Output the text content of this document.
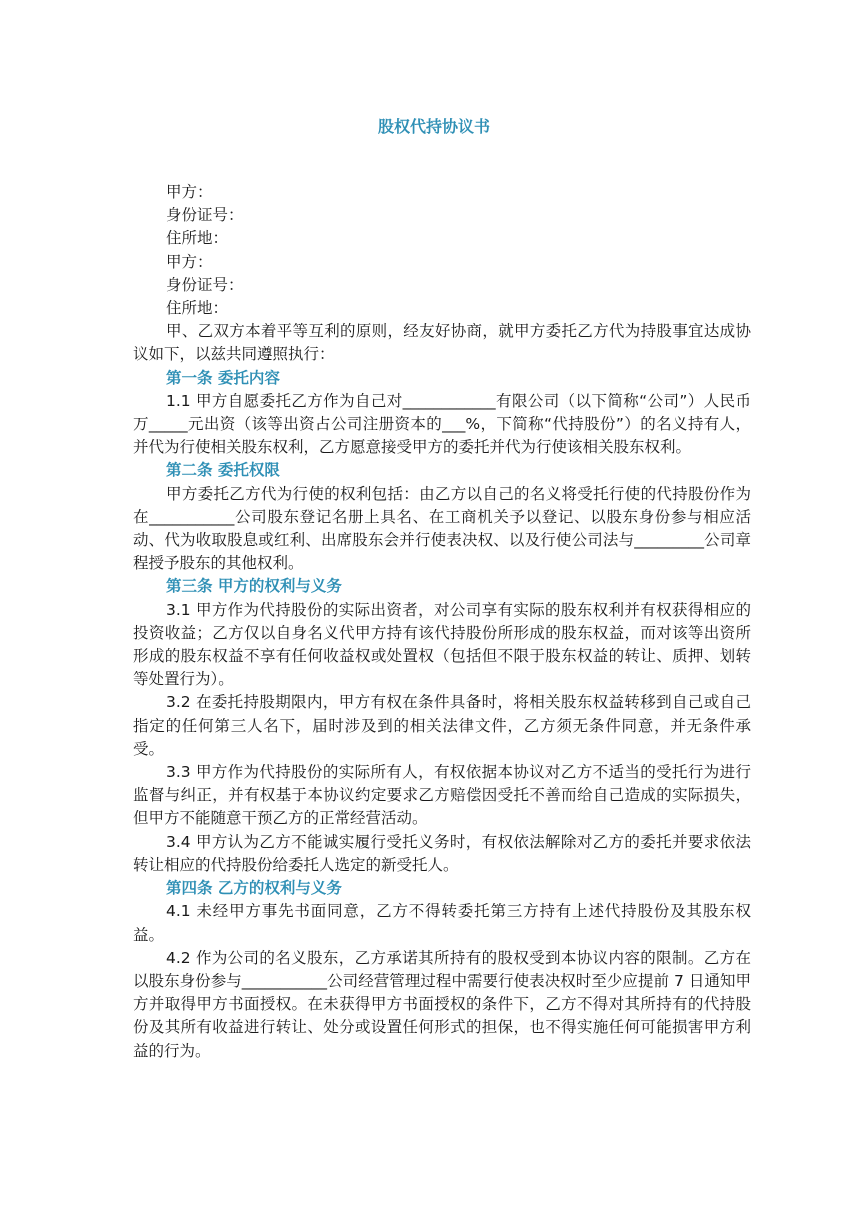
股权代持协议书

甲方：

身份证号：

住所地：

甲方：

身份证号：

住所地：

甲、乙双方本着平等互利的原则，经友好协商，就甲方委托乙方代为持股事宜达成协议如下，以兹共同遵照执行：

第一条 委托内容

1.1 甲方自愿委托乙方作为自己对____________有限公司（以下简称“公司”）人民币万_____元出资（该等出资占公司注册资本的___%，下简称“代持股份”）的名义持有人，并代为行使相关股东权利，乙方愿意接受甲方的委托并代为行使该相关股东权利。

第二条 委托权限

甲方委托乙方代为行使的权利包括：由乙方以自己的名义将受托行使的代持股份作为在___________公司股东登记名册上具名、在工商机关予以登记、以股东身份参与相应活动、代为收取股息或红利、出席股东会并行使表决权、以及行使公司法与_________公司章程授予股东的其他权利。

第三条 甲方的权利与义务

3.1 甲方作为代持股份的实际出资者，对公司享有实际的股东权利并有权获得相应的投资收益；乙方仅以自身名义代甲方持有该代持股份所形成的股东权益，而对该等出资所形成的股东权益不享有任何收益权或处置权（包括但不限于股东权益的转让、质押、划转等处置行为）。

3.2 在委托持股期限内，甲方有权在条件具备时，将相关股东权益转移到自己或自己指定的任何第三人名下，届时涉及到的相关法律文件，乙方须无条件同意，并无条件承受。

3.3 甲方作为代持股份的实际所有人，有权依据本协议对乙方不适当的受托行为进行监督与纠正，并有权基于本协议约定要求乙方赔偿因受托不善而给自己造成的实际损失，但甲方不能随意干预乙方的正常经营活动。

3.4 甲方认为乙方不能诚实履行受托义务时，有权依法解除对乙方的委托并要求依法转让相应的代持股份给委托人选定的新受托人。

第四条 乙方的权利与义务

4.1 未经甲方事先书面同意，乙方不得转委托第三方持有上述代持股份及其股东权益。

4.2 作为公司的名义股东，乙方承诺其所持有的股权受到本协议内容的限制。乙方在以股东身份参与___________公司经营管理过程中需要行使表决权时至少应提前 7 日通知甲方并取得甲方书面授权。在未获得甲方书面授权的条件下，乙方不得对其所持有的代持股份及其所有收益进行转让、处分或设置任何形式的担保，也不得实施任何可能损害甲方利益的行为。
